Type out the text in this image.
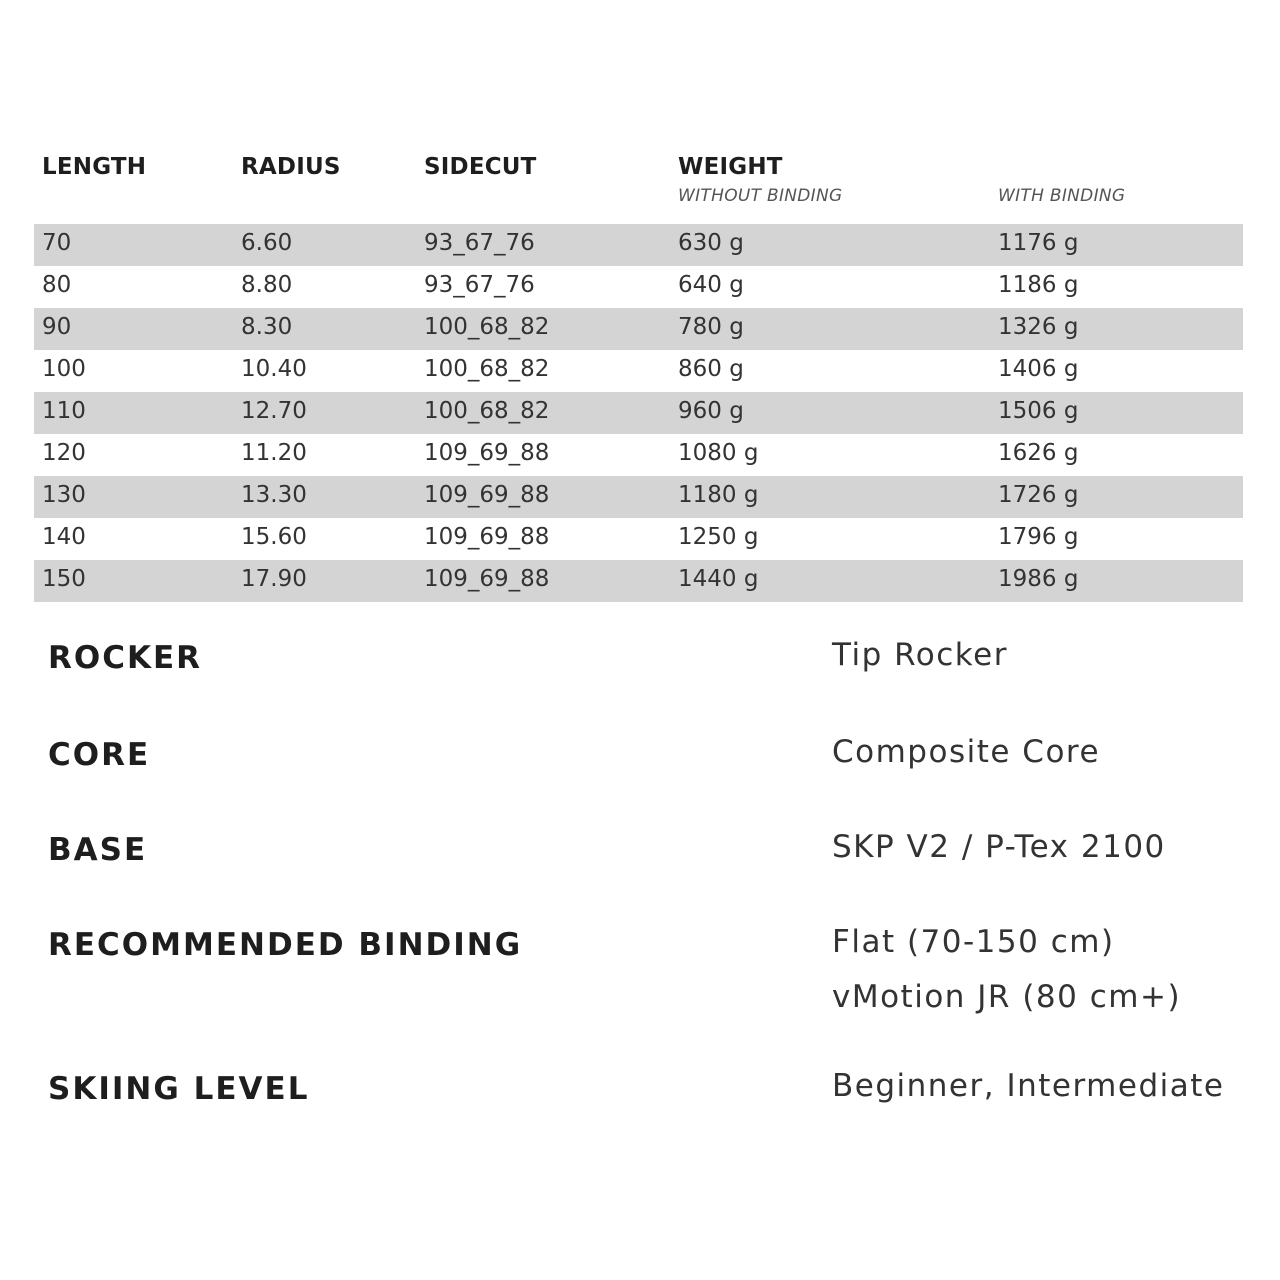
LENGTH	RADIUS	SIDECUT	WEIGHT
WITHOUT BINDING	WITH BINDING
70	6.60	93_67_76	630 g	1176 g
80	8.80	93_67_76	640 g	1186 g
90	8.30	100_68_82	780 g	1326 g
100	10.40	100_68_82	860 g	1406 g
110	12.70	100_68_82	960 g	1506 g
120	11.20	109_69_88	1080 g	1626 g
130	13.30	109_69_88	1180 g	1726 g
140	15.60	109_69_88	1250 g	1796 g
150	17.90	109_69_88	1440 g	1986 g
ROCKER	Tip Rocker
CORE	Composite Core
BASE	SKP V2 / P-Tex 2100
RECOMMENDED BINDING	Flat (70-150 cm)
vMotion JR (80 cm+)
SKIING LEVEL	Beginner, Intermediate
